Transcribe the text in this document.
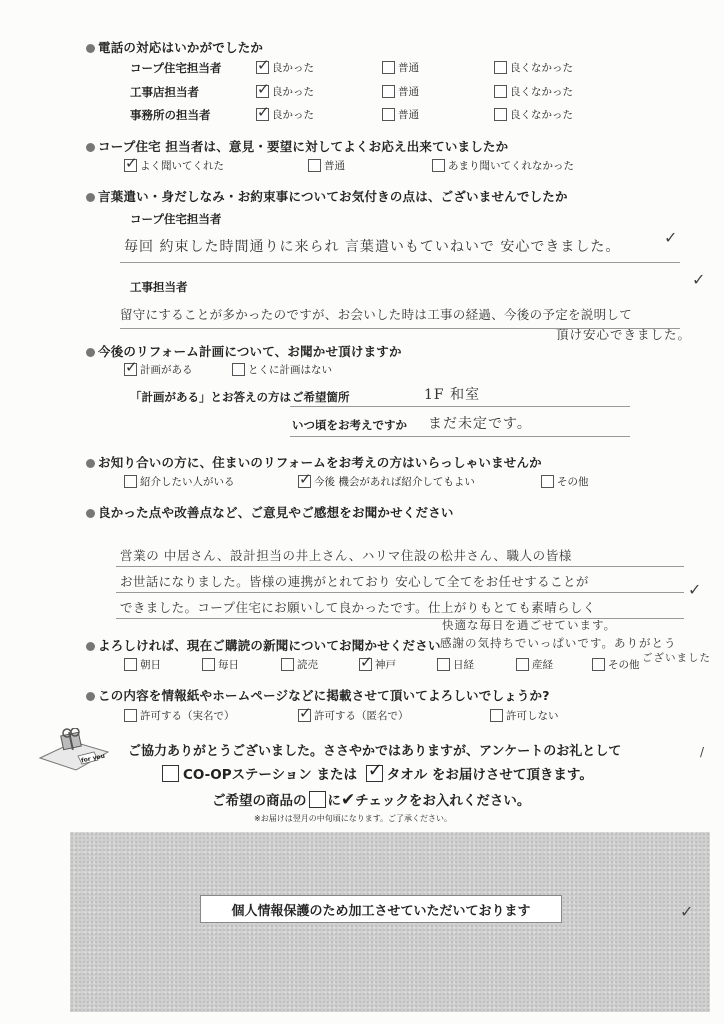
電話の対応はいかがでしたか
コープ住宅担当者 ✓	良かった	普通	良くなかった
工事店担当者 ✓	良かった	普通	良くなかった
事務所の担当者 ✓	良かった	普通	良くなかった
コープ住宅 担当者は、意見・要望に対してよくお応え出来ていましたか
✓
よく聞いてくれた	普通	あまり聞いてくれなかった
言葉遣い・身だしなみ・お約束事についてお気付きの点は、ございませんでしたか
コープ住宅担当者
毎回 約束した時間通りに来られ 言葉遣いもていねいで 安心できました。	✓
工事担当者
留守にすることが多かったのですが、お会いした時は工事の経過、今後の予定を説明して
頂け安心できました。
✓
今後のリフォーム計画について、お聞かせ頂けますか
✓
計画がある	とくに計画はない
「計画がある」とお答えの方は ご希望箇所	1F 和室
いつ頃をお考えですか まだ未定です。
お知り合いの方に、住まいのリフォームをお考えの方はいらっしゃいませんか
紹介したい人がいる ✓	今後 機会があれば紹介してもよい	その他
良かった点や改善点など、ご意見やご感想をお聞かせください
営業の 中居さん、設計担当の井上さん、ハリマ住設の松井さん、職人の皆様
お世話になりました。皆様の連携がとれており 安心して全てをお任せすることが
できました。コープ住宅にお願いして良かったです。仕上がりもとても素晴らしく
快適な毎日を過ごせています。
感謝の気持ちでいっぱいです。ありがとう
ございました
✓
よろしければ、現在ご購読の新聞についてお聞かせください
朝日	毎日	読売 ✓	神戸	日経	産経	その他
この内容を情報紙やホームページなどに掲載させて頂いてよろしいでしょうか?
許可する（実名で） ✓	許可する（匿名で）	許可しない
for you ご協力ありがとうございました。ささやかではありますが、アンケートのお礼として
CO-OPステーション または ✓ タオル をお届けさせて頂きます。
ご希望の商品の に✔チェックをお入れください。
※お届けは翌月の中旬頃になります。ご了承ください。
/
個人情報保護のため加工させていただいております	✓
